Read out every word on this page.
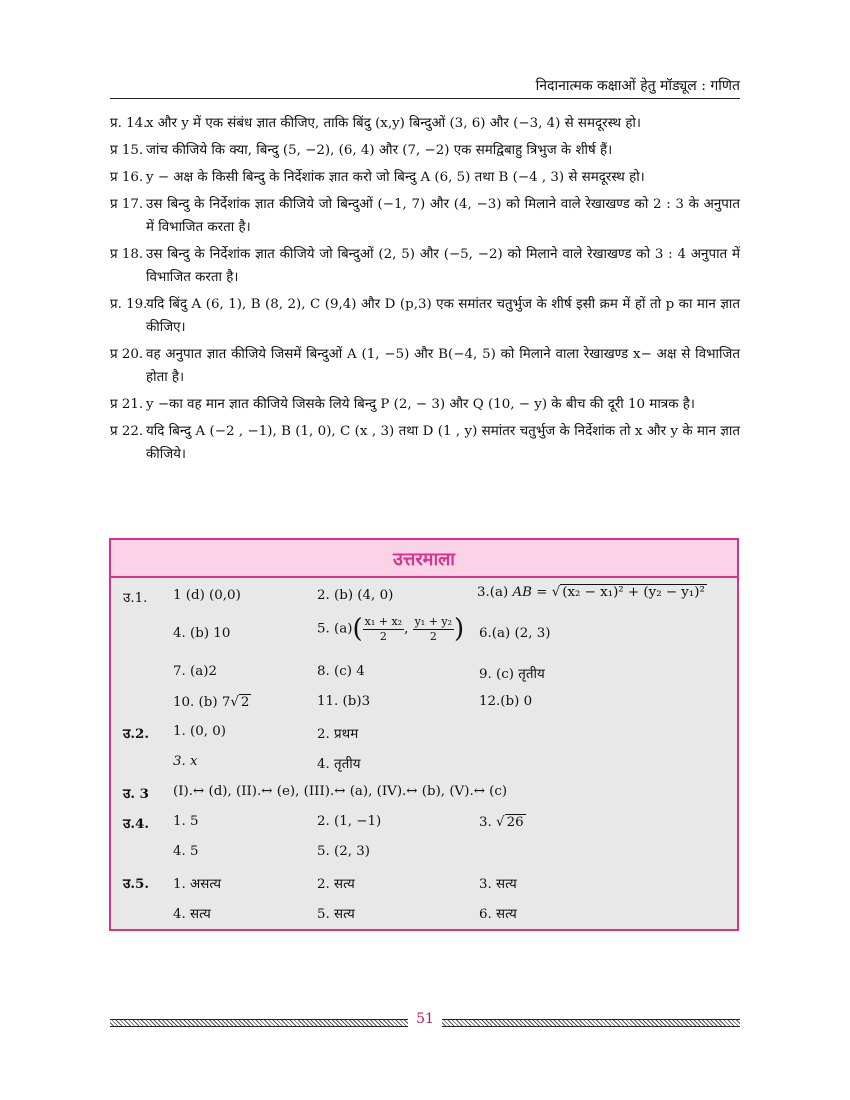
निदानात्मक कक्षाओं हेतु मॉड्यूल : गणित
प्र. 14.
x और y में एक संबंध ज्ञात कीजिए, ताकि बिंदु (x,y) बिन्दुओं (3, 6) और (−3, 4) से समदूरस्थ हो।
प्र 15. जांच कीजिये कि क्या, बिन्दु (5, −2), (6, 4) और (7, −2) एक समद्विबाहु त्रिभुज के शीर्ष हैं।
प्र 16. y − अक्ष के किसी बिन्दु के निर्देशांक ज्ञात करो जो बिन्दु A (6, 5) तथा B (−4 , 3) से समदूरस्थ हो।
प्र 17. उस बिन्दु के निर्देशांक ज्ञात कीजिये जो बिन्दुओं (−1, 7) और (4, −3) को मिलाने वाले रेखाखण्ड को 2 : 3 के अनुपात में विभाजित करता है।
प्र 18. उस बिन्दु के निर्देशांक ज्ञात कीजिये जो बिन्दुओं (2, 5) और (−5, −2) को मिलाने वाले रेखाखण्ड को 3 : 4 अनुपात में विभाजित करता है।
प्र. 19.
यदि बिंदु A (6, 1), B (8, 2), C (9,4) और D (p,3) एक समांतर चतुर्भुज के शीर्ष इसी क्रम में हों तो p का मान ज्ञात कीजिए।
प्र 20. वह अनुपात ज्ञात कीजिये जिसमें बिन्दुओं A (1, −5) और B(−4, 5) को मिलाने वाला रेखाखण्ड x− अक्ष से विभाजित होता है।
प्र 21. y −का वह मान ज्ञात कीजिये जिसके लिये बिन्दु P (2, − 3) और Q (10, − y) के बीच की दूरी 10 मात्रक है।
प्र 22. यदि बिन्दु A (−2 , −1), B (1, 0), C (x , 3) तथा D (1 , y) समांतर चतुर्भुज के निर्देशांक तो x और y के मान ज्ञात कीजिये।
उत्तरमाला
उ.1. 1 (d) (0,0)	2. (b) (4, 0)	3.(a) AB = √ (x₂ − x₁)² + (y₂ − y₁)²
4. (b) 10	5. $(a)( \frac{\text{x₁ + x₂}}{2}$ , $\frac{\text{y₁ + y₂}}{2}$ ) 6.(a) (2, 3)
7. (a)2	8. (c) 4	9. (c) तृतीय
10. (b) 7√ 2	11. (b)3	12.(b) 0
उ.2. 1. (0, 0)	2. प्रथम
3. x	4. तृतीय
उ. 3 (I).↔ (d), (II).↔ (e), (III).↔ (a), (IV).↔ (b), (V).↔ (c)
उ.4. 1. 5	2. (1, −1)	3. √ 26
4. 5	5. (2, 3)
उ.5. 1. असत्य	2. सत्य	3. सत्य
4. सत्य	5. सत्य	6. सत्य
51
